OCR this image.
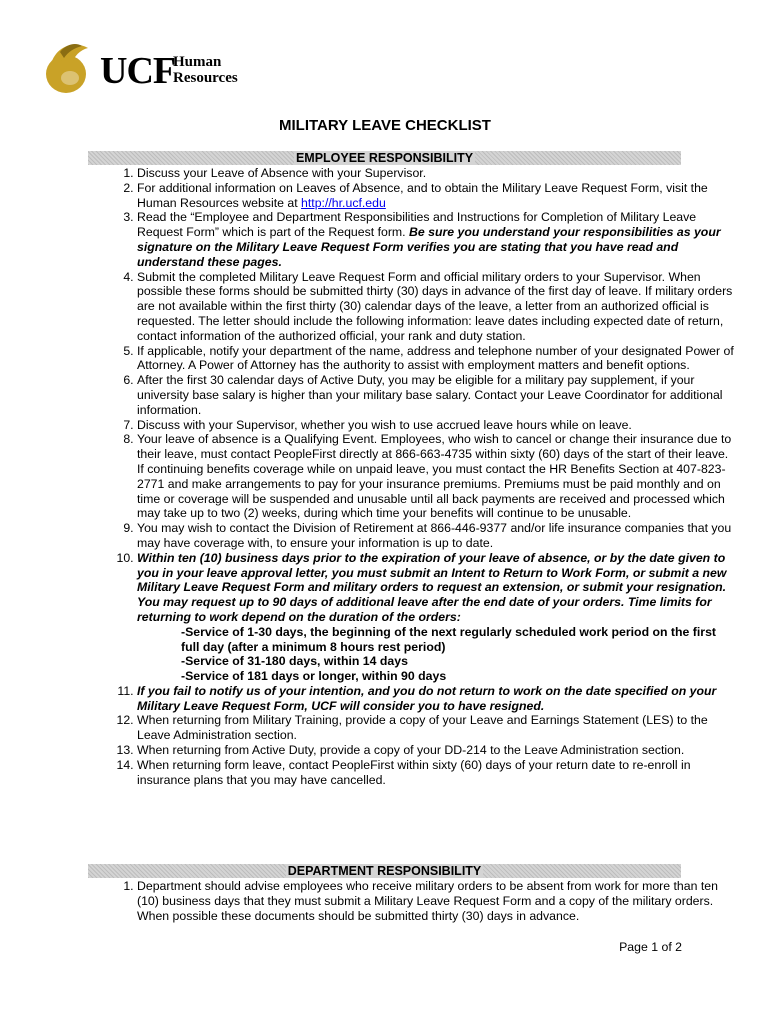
UCF
Human
Resources
MILITARY LEAVE CHECKLIST
EMPLOYEE RESPONSIBILITY
1. Discuss your Leave of Absence with your Supervisor.
2. For additional information on Leaves of Absence, and to obtain the Military Leave Request Form, visit the Human Resources website at http://hr.ucf.edu
3. Read the “Employee and Department Responsibilities and Instructions for Completion of Military Leave Request Form” which is part of the Request form. Be sure you understand your responsibilities as your signature on the Military Leave Request Form verifies you are stating that you have read and understand these pages.
4. Submit the completed Military Leave Request Form and official military orders to your Supervisor. When possible these forms should be submitted thirty (30) days in advance of the first day of leave. If military orders are not available within the first thirty (30) calendar days of the leave, a letter from an authorized official is requested. The letter should include the following information: leave dates including expected date of return, contact information of the authorized official, your rank and duty station.
5. If applicable, notify your department of the name, address and telephone number of your designated Power of Attorney. A Power of Attorney has the authority to assist with employment matters and benefit options.
6. After the first 30 calendar days of Active Duty, you may be eligible for a military pay supplement, if your university base salary is higher than your military base salary. Contact your Leave Coordinator for additional information.
7. Discuss with your Supervisor, whether you wish to use accrued leave hours while on leave.
8. Your leave of absence is a Qualifying Event. Employees, who wish to cancel or change their insurance due to their leave, must contact PeopleFirst directly at 866-663-4735 within sixty (60) days of the start of their leave. If continuing benefits coverage while on unpaid leave, you must contact the HR Benefits Section at 407-823-2771 and make arrangements to pay for your insurance premiums. Premiums must be paid monthly and on time or coverage will be suspended and unusable until all back payments are received and processed which may take up to two (2) weeks, during which time your benefits will continue to be unusable.
9. You may wish to contact the Division of Retirement at 866-446-9377 and/or life insurance companies that you may have coverage with, to ensure your information is up to date.
10. Within ten (10) business days prior to the expiration of your leave of absence, or by the date given to you in your leave approval letter, you must submit an Intent to Return to Work Form, or submit a new Military Leave Request Form and military orders to request an extension, or submit your resignation. You may request up to 90 days of additional leave after the end date of your orders. Time limits for returning to work depend on the duration of the orders:
-Service of 1-30 days, the beginning of the next regularly scheduled work period on the first full day (after a minimum 8 hours rest period)
-Service of 31-180 days, within 14 days
-Service of 181 days or longer, within 90 days
11. If you fail to notify us of your intention, and you do not return to work on the date specified on your Military Leave Request Form, UCF will consider you to have resigned.
12. When returning from Military Training, provide a copy of your Leave and Earnings Statement (LES) to the Leave Administration section.
13. When returning from Active Duty, provide a copy of your DD-214 to the Leave Administration section.
14. When returning form leave, contact PeopleFirst within sixty (60) days of your return date to re-enroll in insurance plans that you may have cancelled.
DEPARTMENT RESPONSIBILITY
1. Department should advise employees who receive military orders to be absent from work for more than ten (10) business days that they must submit a Military Leave Request Form and a copy of the military orders. When possible these documents should be submitted thirty (30) days in advance.
Page 1 of 2
